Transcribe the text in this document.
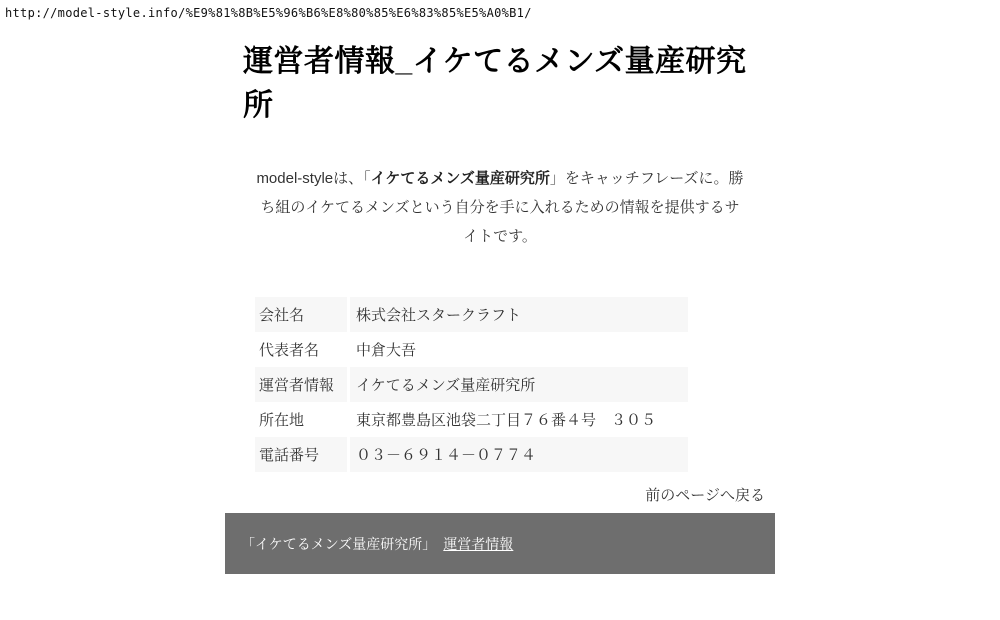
http://model-style.info/%E9%81%8B%E5%96%B6%E8%80%85%E6%83%85%E5%A0%B1/
運営者情報_イケてるメンズ量産研究所

model-styleは、「イケてるメンズ量産研究所」をキャッチフレーズに。勝ち組のイケてるメンズという自分を手に入れるための情報を提供するサイトです。

会社名	株式会社スタークラフト
代表者名	中倉大吾
運営者情報	イケてるメンズ量産研究所
所在地	東京都豊島区池袋二丁目７６番４号　３０５
電話番号	０３－６９１４－０７７４
前のページへ戻る
「イケてるメンズ量産研究所」 運営者情報
